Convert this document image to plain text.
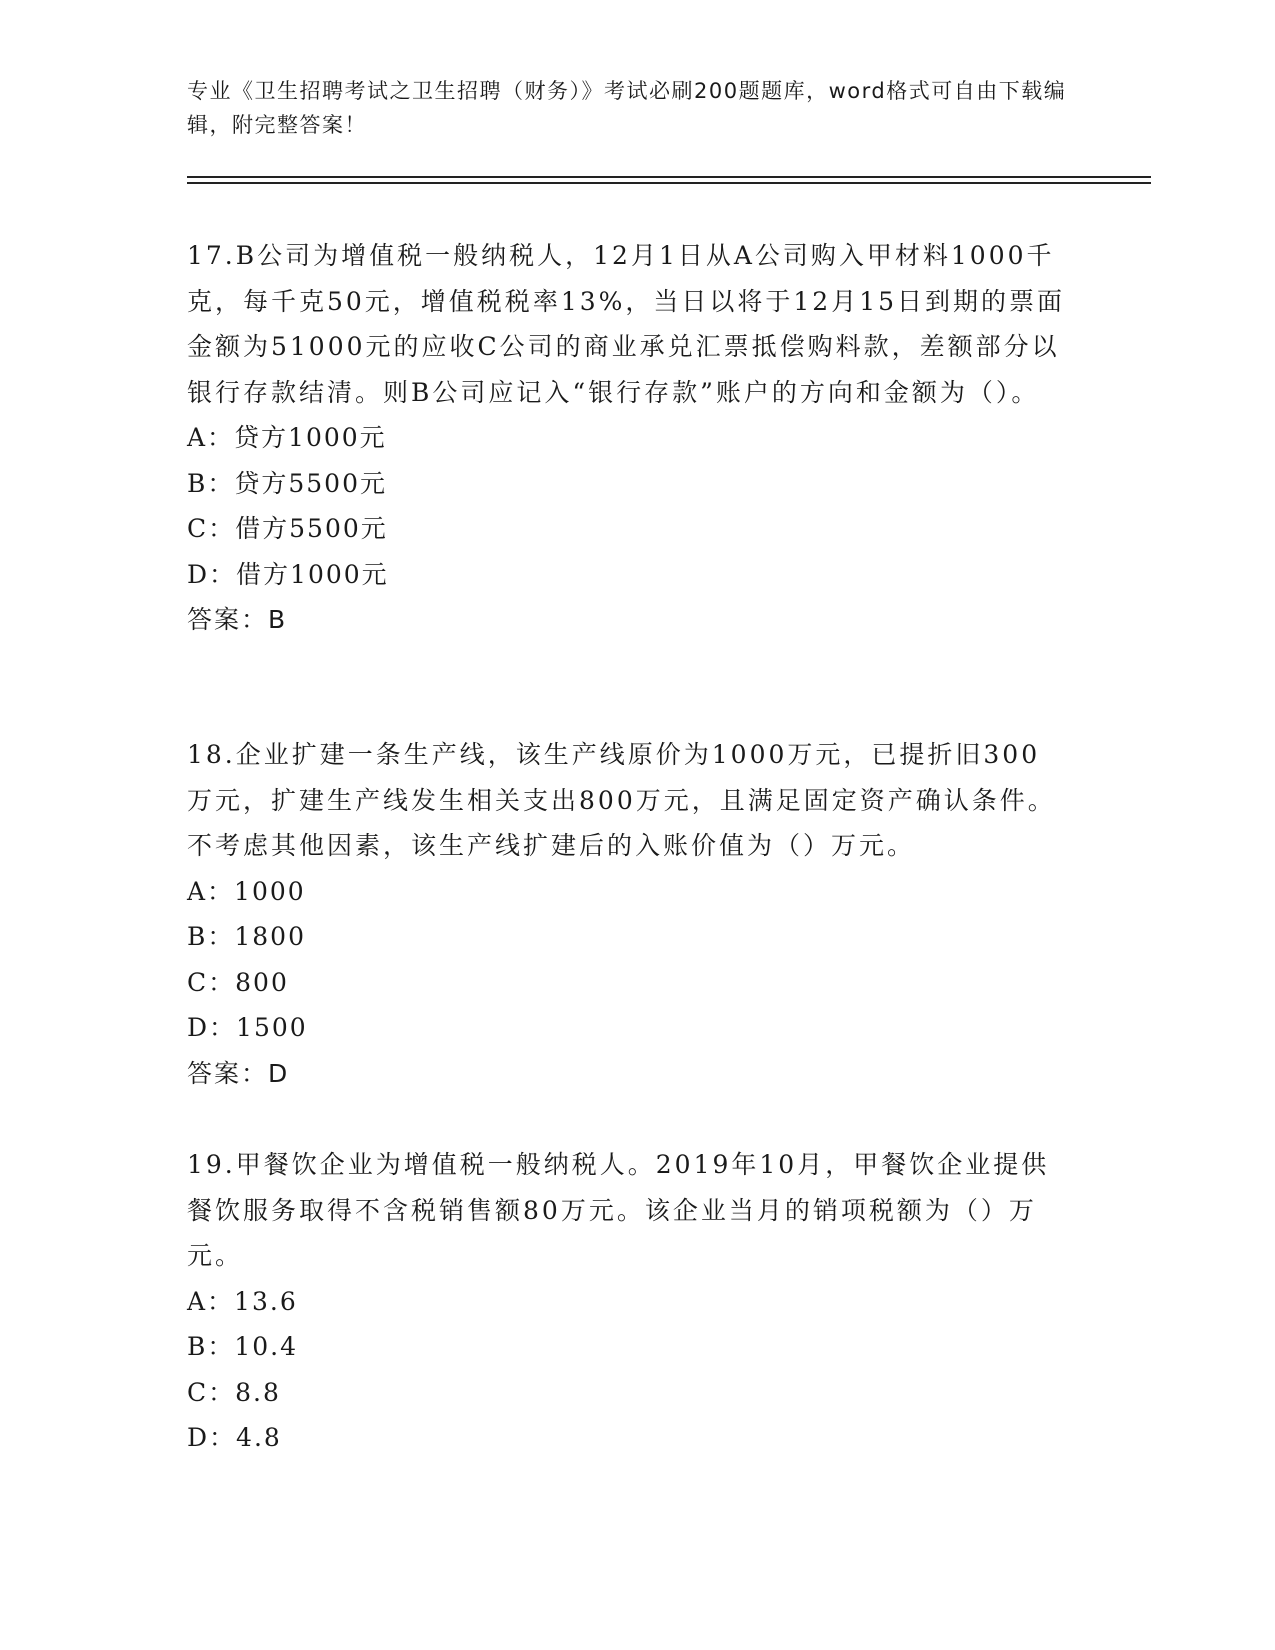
专业《卫生招聘考试之卫生招聘（财务）》考试必刷200题题库，word格式可自由下载编辑，附完整答案！

17.B公司为增值税一般纳税人，12月1日从A公司购入甲材料1000千克，每千克50元，增值税税率13%，当日以将于12月15日到期的票面金额为51000元的应收C公司的商业承兑汇票抵偿购料款，差额部分以银行存款结清。则B公司应记入“银行存款”账户的方向和金额为（）。

A：贷方1000元

B：贷方5500元

C：借方5500元

D：借方1000元

答案：B

18.企业扩建一条生产线，该生产线原价为1000万元，已提折旧300万元，扩建生产线发生相关支出800万元，且满足固定资产确认条件。不考虑其他因素，该生产线扩建后的入账价值为（）万元。

A：1000

B：1800

C：800

D：1500

答案：D

19.甲餐饮企业为增值税一般纳税人。2019年10月，甲餐饮企业提供餐饮服务取得不含税销售额80万元。该企业当月的销项税额为（）万元。

A：13.6

B：10.4

C：8.8

D：4.8
